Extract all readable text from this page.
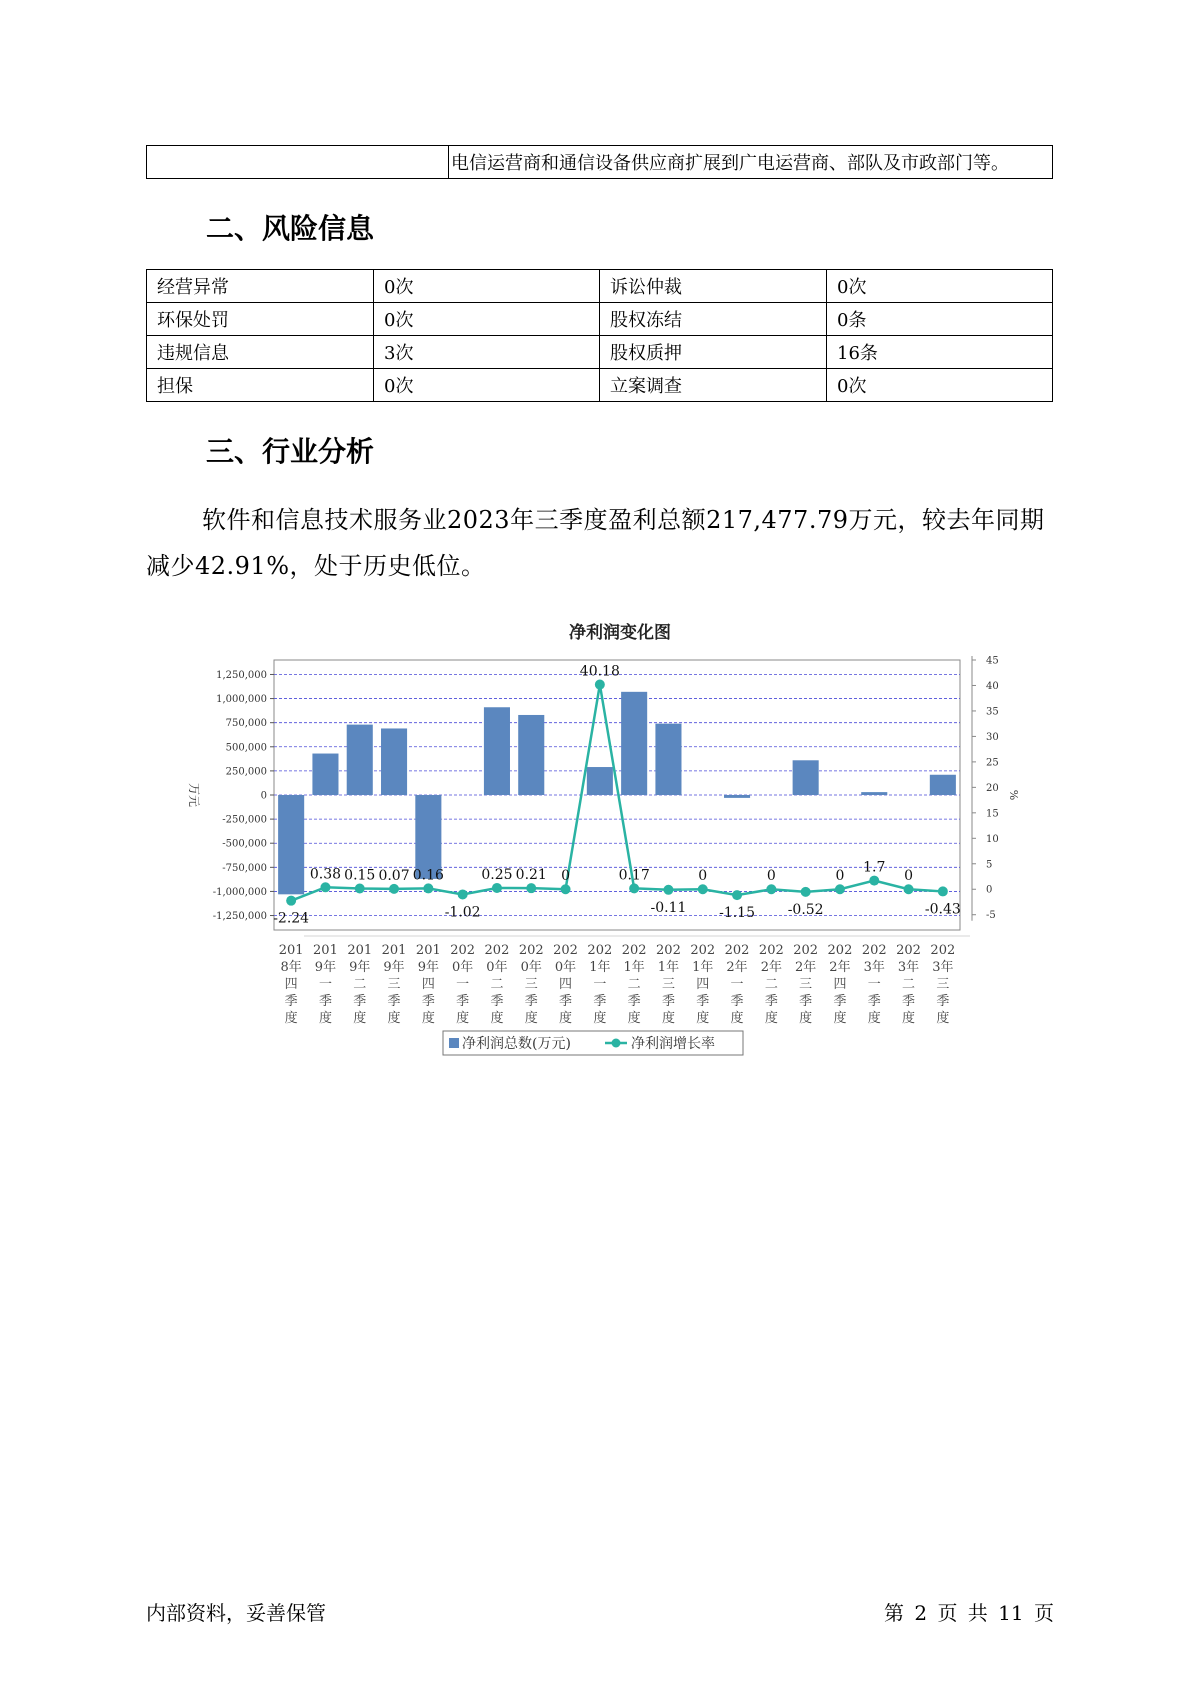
	电信运营商和通信设备供应商扩展到广电运营商、部队及市政部门等。
二、风险信息
经营异常	0次	诉讼仲裁	0次
环保处罚	0次	股权冻结	0条
违规信息	3次	股权质押	16条
担保	0次	立案调查	0次
三、行业分析

软件和信息技术服务业2023年三季度盈利总额217,477.79万元，较去年同期减少42.91%，处于历史低位。

净利润变化图
1,250,000
1,000,000
750,000
500,000
250,000
0
-250,000
-500,000
-750,000
-1,000,000
-1,250,000
45
40
35
30
25
20
15
10
5
0
-5
万元	%
-2.24
0.38 0.15 0.07 0.16
-1.02
0.25 0.21 0
40.18
0.17
-0.11
0
-1.15
0
-0.52
0
1.7
0
-0.43
201
8年
四
季
度
201
9年
一
季
度
201
9年
二
季
度
201
9年
三
季
度
201
9年
四
季
度
202
0年
一
季
度
202
0年
二
季
度
202
0年
三
季
度
202
0年
四
季
度
202
1年
一
季
度
202
1年
二
季
度
202
1年
三
季
度
202
1年
四
季
度
202
2年
一
季
度
202
2年
二
季
度
202
2年
三
季
度
202
2年
四
季
度
202
3年
一
季
度
202
3年
二
季
度
202
3年
三
季
度
净利润总数(万元)	净利润增长率
内部资料，妥善保管	第 2 页 共 11 页
